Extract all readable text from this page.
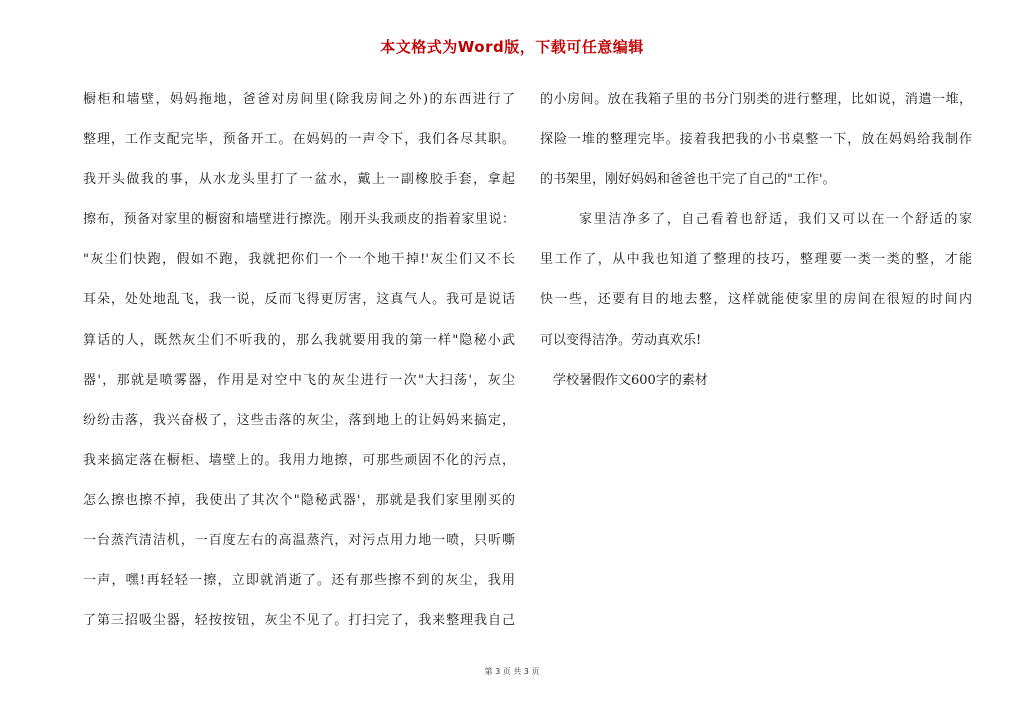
本文格式为Word版，下载可任意编辑
橱柜和墙壁，妈妈拖地，爸爸对房间里(除我房间之外)的东西进行了
整理，工作支配完毕，预备开工。在妈妈的一声令下，我们各尽其职。
我开头做我的事，从水龙头里打了一盆水，戴上一副橡胶手套，拿起
擦布，预备对家里的橱窗和墙壁进行擦洗。刚开头我顽皮的指着家里说：
"灰尘们快跑，假如不跑，我就把你们一个一个地干掉!'灰尘们又不长
耳朵，处处地乱飞，我一说，反而飞得更厉害，这真气人。我可是说话
算话的人，既然灰尘们不听我的，那么我就要用我的第一样"隐秘小武
器'，那就是喷雾器，作用是对空中飞的灰尘进行一次"大扫荡'，灰尘
纷纷击落，我兴奋极了，这些击落的灰尘，落到地上的让妈妈来搞定，
我来搞定落在橱柜、墙壁上的。我用力地擦，可那些顽固不化的污点，
怎么擦也擦不掉，我使出了其次个"隐秘武器'，那就是我们家里刚买的
一台蒸汽清洁机，一百度左右的高温蒸汽，对污点用力地一喷，只听嘶
一声，嘿!再轻轻一擦，立即就消逝了。还有那些擦不到的灰尘，我用
了第三招吸尘器，轻按按钮，灰尘不见了。打扫完了，我来整理我自己
的小房间。放在我箱子里的书分门别类的进行整理，比如说，消遣一堆，
探险一堆的整理完毕。接着我把我的小书桌整一下，放在妈妈给我制作
的书架里，刚好妈妈和爸爸也干完了自己的"工作'。
家里洁净多了，自己看着也舒适，我们又可以在一个舒适的家
里工作了，从中我也知道了整理的技巧，整理要一类一类的整，才能
快一些，还要有目的地去整，这样就能使家里的房间在很短的时间内
可以变得洁净。劳动真欢乐!
学校暑假作文600字的素材
第 3 页 共 3 页
